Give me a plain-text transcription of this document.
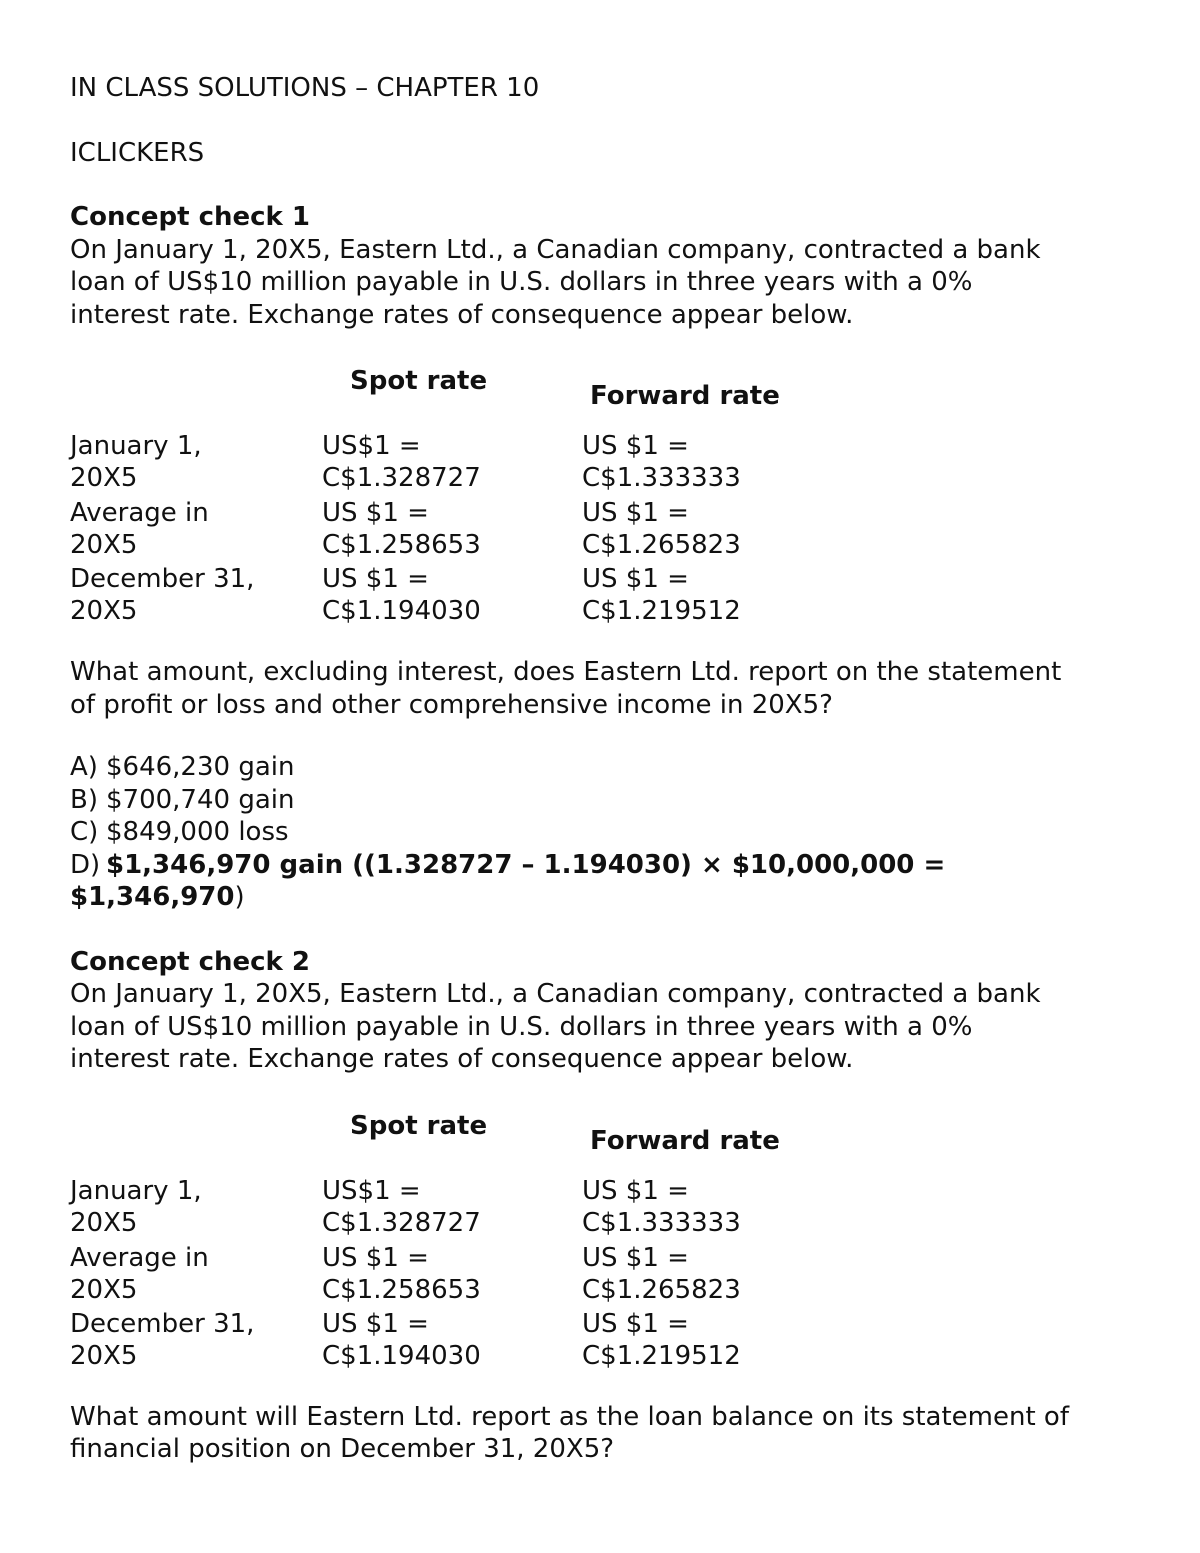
IN CLASS SOLUTIONS – CHAPTER 10
ICLICKERS
Concept check 1
On January 1, 20X5, Eastern Ltd., a Canadian company, contracted a bank
loan of US$10 million payable in U.S. dollars in three years with a 0%
interest rate. Exchange rates of consequence appear below.
Spot rate	Forward rate
January 1,
20X5
US$1 =
C$1.328727
US $1 =
C$1.333333
Average in
20X5
US $1 =
C$1.258653
US $1 =
C$1.265823
December 31,
20X5
US $1 =
C$1.194030
US $1 =
C$1.219512
What amount, excluding interest, does Eastern Ltd. report on the statement
of profit or loss and other comprehensive income in 20X5?
A) $646,230 gain
B) $700,740 gain
C) $849,000 loss
D) $1,346,970 gain ((1.328727 – 1.194030) × $10,000,000 =
$1,346,970)
Concept check 2
On January 1, 20X5, Eastern Ltd., a Canadian company, contracted a bank
loan of US$10 million payable in U.S. dollars in three years with a 0%
interest rate. Exchange rates of consequence appear below.
Spot rate	Forward rate
January 1,
20X5
US$1 =
C$1.328727
US $1 =
C$1.333333
Average in
20X5
US $1 =
C$1.258653
US $1 =
C$1.265823
December 31,
20X5
US $1 =
C$1.194030
US $1 =
C$1.219512
What amount will Eastern Ltd. report as the loan balance on its statement of
financial position on December 31, 20X5?
